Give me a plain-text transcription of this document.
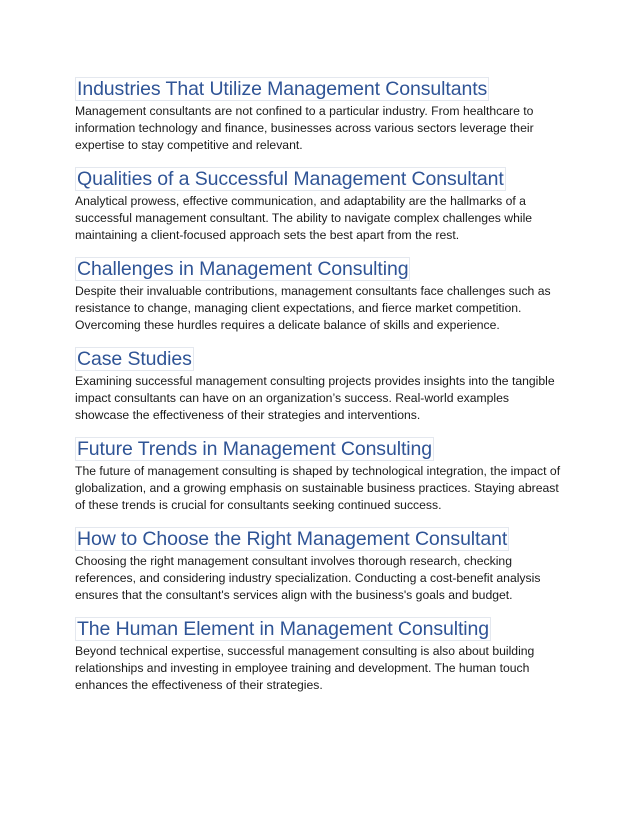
Industries That Utilize Management Consultants

Management consultants are not confined to a particular industry. From healthcare to information technology and finance, businesses across various sectors leverage their expertise to stay competitive and relevant.

Qualities of a Successful Management Consultant

Analytical prowess, effective communication, and adaptability are the hallmarks of a successful management consultant. The ability to navigate complex challenges while maintaining a client-focused approach sets the best apart from the rest.

Challenges in Management Consulting

Despite their invaluable contributions, management consultants face challenges such as resistance to change, managing client expectations, and fierce market competition. Overcoming these hurdles requires a delicate balance of skills and experience.

Case Studies

Examining successful management consulting projects provides insights into the tangible impact consultants can have on an organization’s success. Real-world examples showcase the effectiveness of their strategies and interventions.

Future Trends in Management Consulting

The future of management consulting is shaped by technological integration, the impact of globalization, and a growing emphasis on sustainable business practices. Staying abreast of these trends is crucial for consultants seeking continued success.

How to Choose the Right Management Consultant

Choosing the right management consultant involves thorough research, checking references, and considering industry specialization. Conducting a cost-benefit analysis ensures that the consultant's services align with the business's goals and budget.

The Human Element in Management Consulting

Beyond technical expertise, successful management consulting is also about building relationships and investing in employee training and development. The human touch enhances the effectiveness of their strategies.
